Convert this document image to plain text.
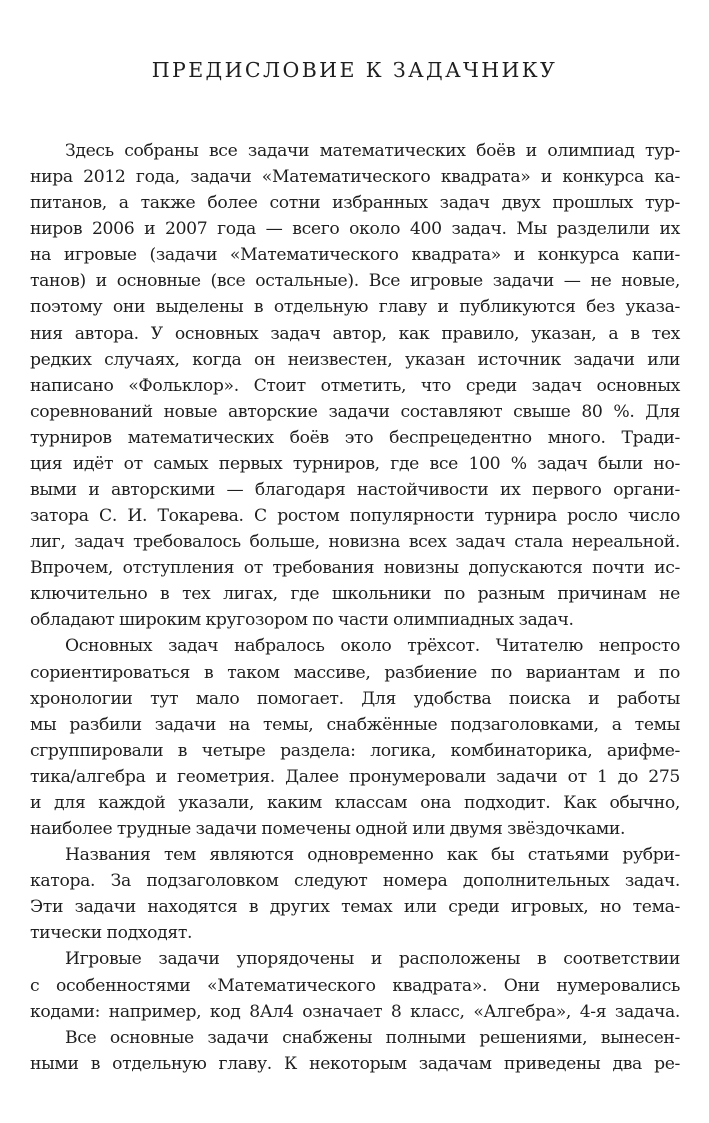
ПРЕДИСЛОВИЕ К ЗАДАЧНИКУ
Здесь собраны все задачи математических боёв и олимпиад тур-
нира 2012 года, задачи «Математического квадрата» и конкурса ка-
питанов, а также более сотни избранных задач двух прошлых тур-
ниров 2006 и 2007 года — всего около 400 задач. Мы разделили их
на игровые (задачи «Математического квадрата» и конкурса капи-
танов) и основные (все остальные). Все игровые задачи — не новые,
поэтому они выделены в отдельную главу и публикуются без указа-
ния автора. У основных задач автор, как правило, указан, а в тех
редких случаях, когда он неизвестен, указан источник задачи или
написано «Фольклор». Стоит отметить, что среди задач основных
соревнований новые авторские задачи составляют свыше 80 %. Для
турниров математических боёв это беспрецедентно много. Тради-
ция идёт от самых первых турниров, где все 100 % задач были но-
выми и авторскими — благодаря настойчивости их первого органи-
затора С. И. Токарева. С ростом популярности турнира росло число
лиг, задач требовалось больше, новизна всех задач стала нереальной.
Впрочем, отступления от требования новизны допускаются почти ис-
ключительно в тех лигах, где школьники по разным причинам не
обладают широким кругозором по части олимпиадных задач.
Основных задач набралось около трёхсот. Читателю непросто
сориентироваться в таком массиве, разбиение по вариантам и по
хронологии тут мало помогает. Для удобства поиска и работы
мы разбили задачи на темы, снабжённые подзаголовками, а темы
сгруппировали в четыре раздела: логика, комбинаторика, арифме-
тика/алгебра и геометрия. Далее пронумеровали задачи от 1 до 275
и для каждой указали, каким классам она подходит. Как обычно,
наиболее трудные задачи помечены одной или двумя звёздочками.
Названия тем являются одновременно как бы статьями рубри-
катора. За подзаголовком следуют номера дополнительных задач.
Эти задачи находятся в других темах или среди игровых, но тема-
тически подходят.
Игровые задачи упорядочены и расположены в соответствии
с особенностями «Математического квадрата». Они нумеровались
кодами: например, код 8Ал4 означает 8 класс, «Алгебра», 4-я задача.
Все основные задачи снабжены полными решениями, вынесен-
ными в отдельную главу. К некоторым задачам приведены два ре-
